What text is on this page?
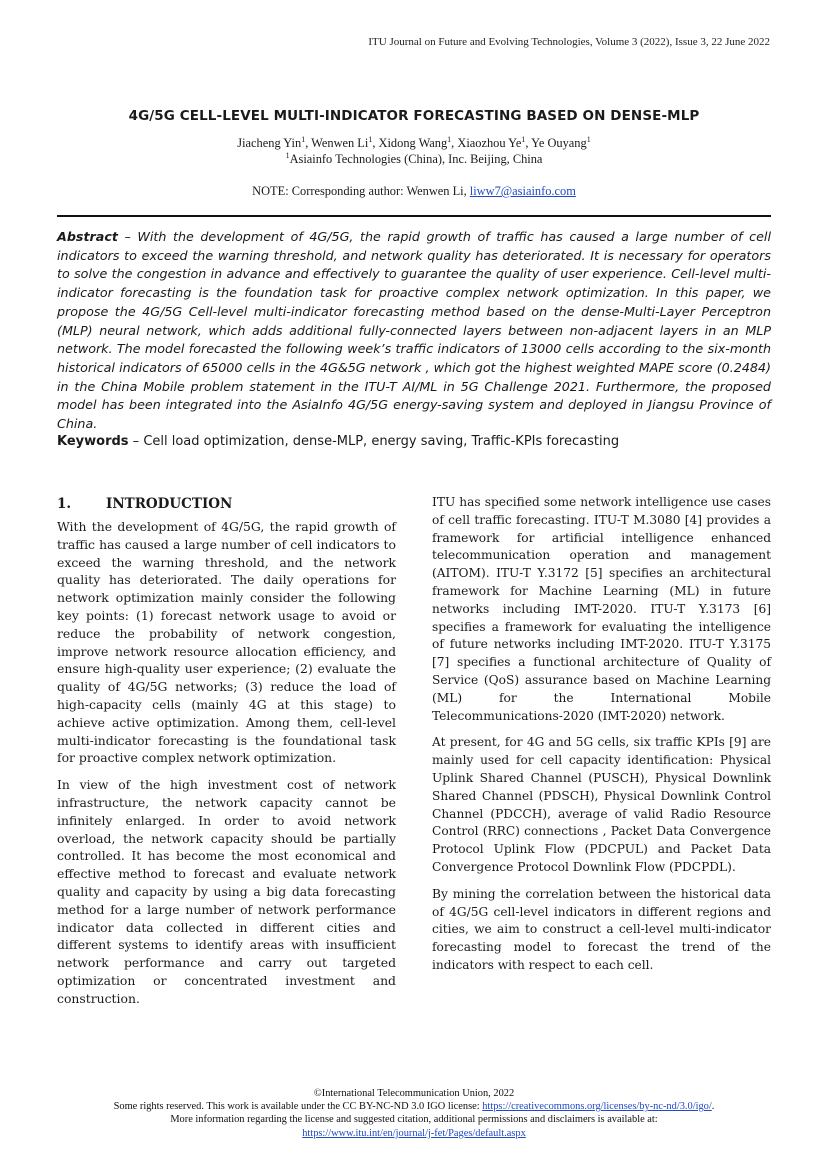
ITU Journal on Future and Evolving Technologies, Volume 3 (2022), Issue 3, 22 June 2022
4G/5G CELL-LEVEL MULTI-INDICATOR FORECASTING BASED ON DENSE-MLP
Jiacheng Yin$^1$, Wenwen Li$^1$, Xidong Wang$^1$, Xiaozhou Ye$^1$, Ye Ouyang$^1$
$^1$Asiainfo Technologies (China), Inc. Beijing, China
NOTE: Corresponding author: Wenwen Li, liww7@asiainfo.com

Abstract – With the development of 4G/5G, the rapid growth of traffic has caused a large number of cell indicators to exceed the warning threshold, and network quality has deteriorated. It is necessary for operators to solve the congestion in advance and effectively to guarantee the quality of user experience. Cell-level multi-indicator forecasting is the foundation task for proactive complex network optimization. In this paper, we propose the 4G/5G Cell-level multi-indicator forecasting method based on the dense-Multi-Layer Perceptron (MLP) neural network, which adds additional fully-connected layers between non-adjacent layers in an MLP network. The model forecasted the following week’s traffic indicators of 13000 cells according to the six-month historical indicators of 65000 cells in the 4G&5G network , which got the highest weighted MAPE score (0.2484) in the China Mobile problem statement in the ITU-T AI/ML in 5G Challenge 2021. Furthermore, the proposed model has been integrated into the AsiaInfo 4G/5G energy-saving system and deployed in Jiangsu Province of China.

Keywords – Cell load optimization, dense-MLP, energy saving, Traffic-KPIs forecasting
1.	INTRODUCTION

With the development of 4G/5G, the rapid growth of traffic has caused a large number of cell indicators to exceed the warning threshold, and the network quality has deteriorated. The daily operations for network optimization mainly consider the following key points: (1) forecast network usage to avoid or reduce the probability of network congestion, improve network resource allocation efficiency, and ensure high-quality user experience; (2) evaluate the quality of 4G/5G networks; (3) reduce the load of high-capacity cells (mainly 4G at this stage) to achieve active optimization. Among them, cell-level multi-indicator forecasting is the foundational task for proactive complex network optimization.

In view of the high investment cost of network infrastructure, the network capacity cannot be infinitely enlarged. In order to avoid network overload, the network capacity should be partially controlled. It has become the most economical and effective method to forecast and evaluate network quality and capacity by using a big data forecasting method for a large number of network performance indicator data collected in different cities and different systems to identify areas with insufficient network performance and carry out targeted optimization or concentrated investment and construction.

ITU has specified some network intelligence use cases of cell traffic forecasting. ITU-T M.3080 [4] provides a framework for artificial intelligence enhanced telecommunication operation and management (AITOM). ITU-T Y.3172 [5] specifies an architectural framework for Machine Learning (ML) in future networks including IMT-2020. ITU-T Y.3173 [6] specifies a framework for evaluating the intelligence of future networks including IMT-2020. ITU-T Y.3175 [7] specifies a functional architecture of Quality of Service (QoS) assurance based on Machine Learning (ML) for the International Mobile Telecommunications-2020 (IMT-2020) network.

At present, for 4G and 5G cells, six traffic KPIs [9] are mainly used for cell capacity identification: Physical Uplink Shared Channel (PUSCH), Physical Downlink Shared Channel (PDSCH), Physical Downlink Control Channel (PDCCH), average of valid Radio Resource Control (RRC) connections , Packet Data Convergence Protocol Uplink Flow (PDCPUL) and Packet Data Convergence Protocol Downlink Flow (PDCPDL).

By mining the correlation between the historical data of 4G/5G cell-level indicators in different regions and cities, we aim to construct a cell-level multi-indicator forecasting model to forecast the trend of the indicators with respect to each cell.

©International Telecommunication Union, 2022
Some rights reserved. This work is available under the CC BY-NC-ND 3.0 IGO license: https://creativecommons.org/licenses/by-nc-nd/3.0/igo/.
More information regarding the license and suggested citation, additional permissions and disclaimers is available at:
https://www.itu.int/en/journal/j-fet/Pages/default.aspx
